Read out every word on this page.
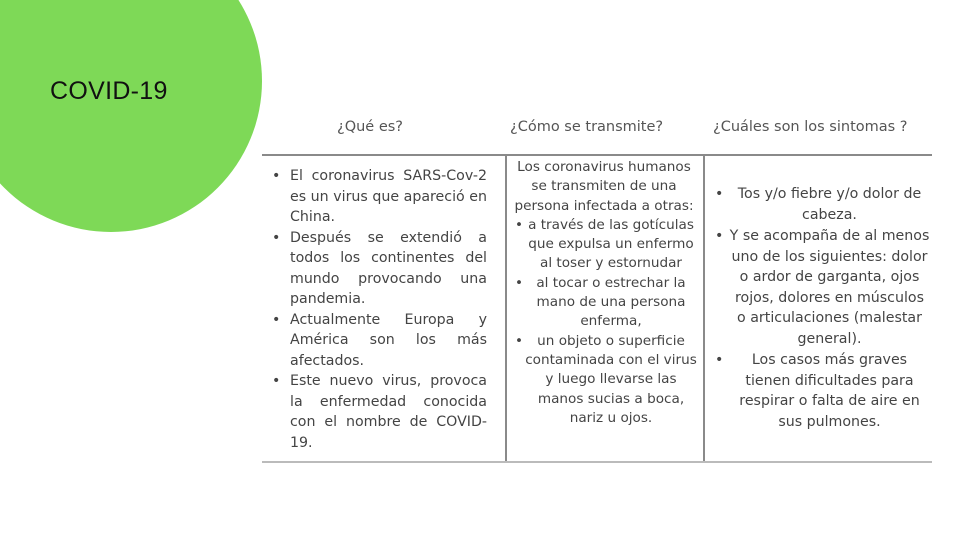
COVID-19
¿Qué es?	¿Cómo se transmite?	¿Cuáles son los sintomas ?
• El coronavirus SARS-Cov-2 es un virus que apareció en China.
• Después se extendió a todos los continentes del mundo provocando una pandemia.
• Actualmente Europa y América son los más afectados.
• Este nuevo virus, provoca la enfermedad conocida con el nombre de COVID-19.
Los coronavirus humanos se transmiten de una persona infectada a otras:
• a través de las gotículas que expulsa un enfermo al toser y estornudar
• al tocar o estrechar la mano de una persona enferma,
• un objeto o superficie contaminada con el virus y luego llevarse las manos sucias a boca, nariz u ojos.
• Tos y/o fiebre y/o dolor de cabeza.
• Y se acompaña de al menos uno de los siguientes: dolor o ardor de garganta, ojos rojos, dolores en músculos o articulaciones (malestar general).
• Los casos más graves tienen dificultades para respirar o falta de aire en sus pulmones.
